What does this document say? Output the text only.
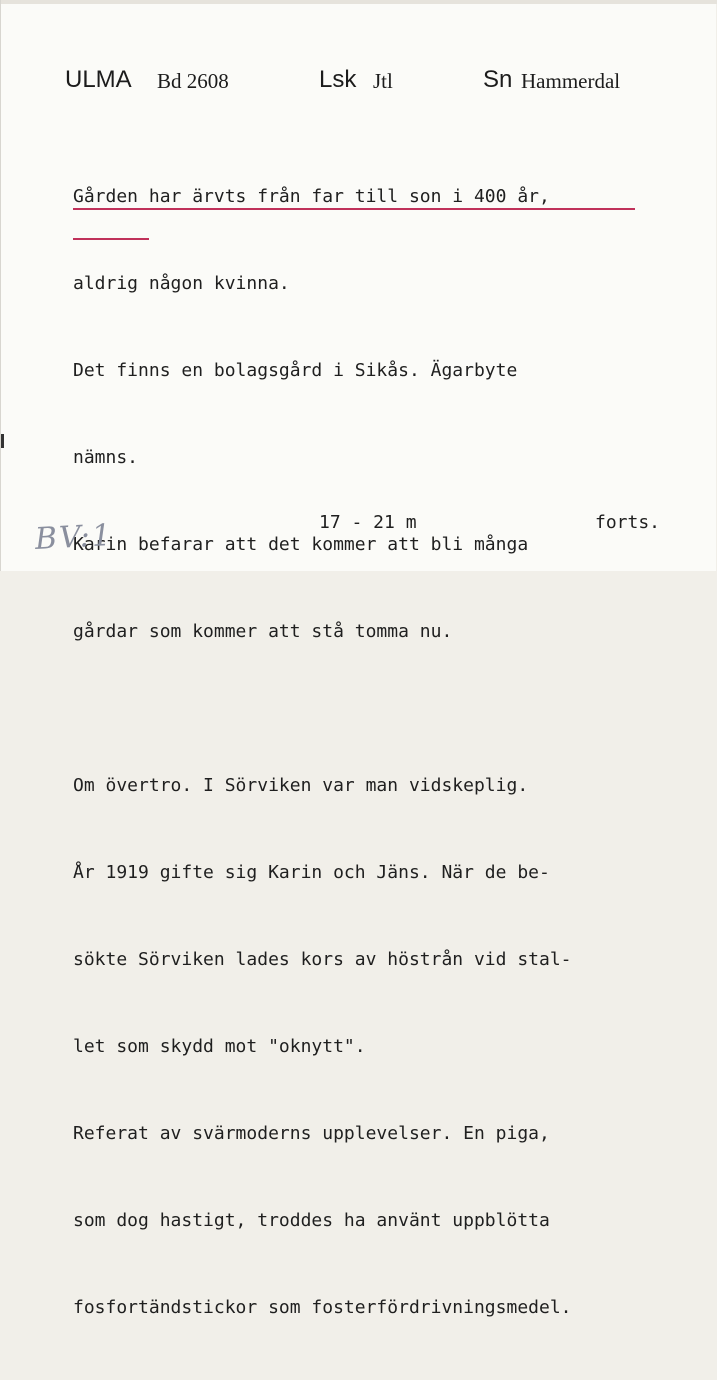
ULMA Bd 2608	Lsk Jtl	Sn Hammerdal

Gården har ärvts från far till son i 400 år,

aldrig någon kvinna.

Det finns en bolagsgård i Sikås. Ägarbyte

nämns.

Karin befarar att det kommer att bli många

gårdar som kommer att stå tomma nu.

Om övertro. I Sörviken var man vidskeplig.

År 1919 gifte sig Karin och Jäns. När de be-

sökte Sörviken lades kors av höstrån vid stal-

let som skydd mot "oknytt".

Referat av svärmoderns upplevelser. En piga,

som dog hastigt, troddes ha använt uppblötta

fosfortändstickor som fosterfördrivningsmedel.

17 - 21 m	forts.
BV:1
